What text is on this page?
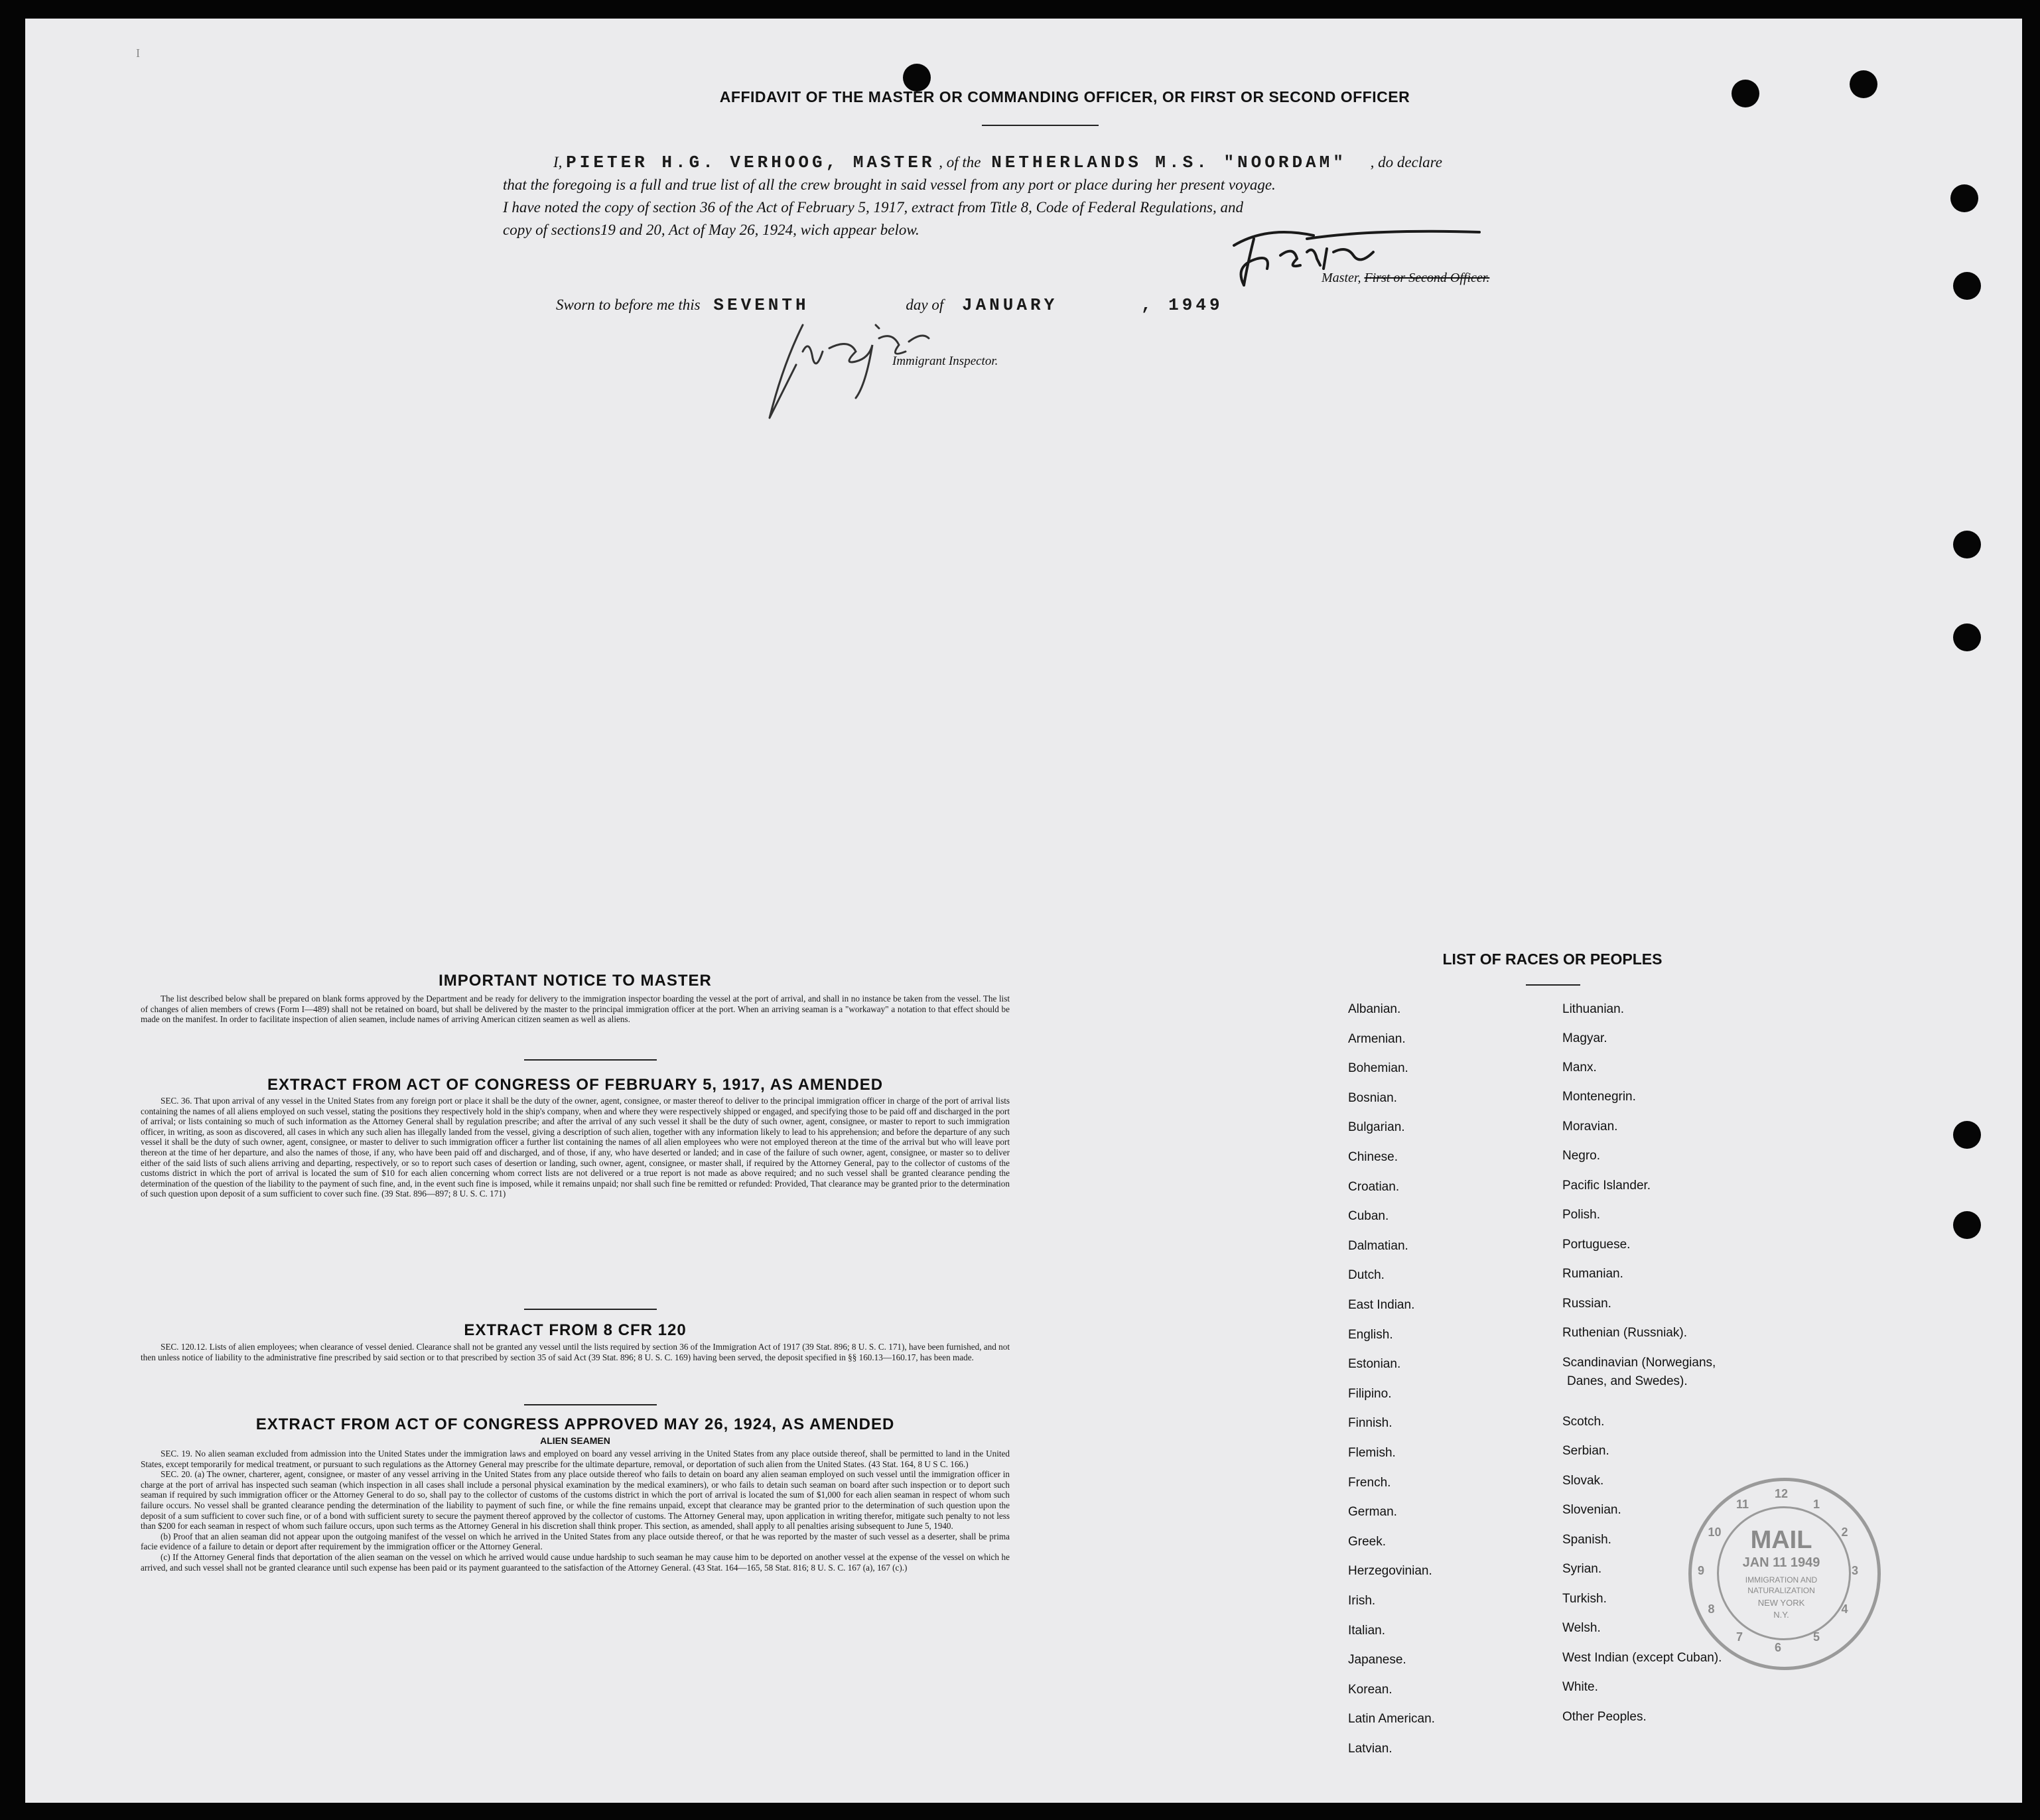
I
AFFIDAVIT OF THE MASTER OR COMMANDING OFFICER, OR FIRST OR SECOND OFFICER
I, PIETER H.G. VERHOOG, MASTER , of the NETHERLANDS M.S. "NOORDAM" , do declare
that the foregoing is a full and true list of all the crew brought in said vessel from any port or place during her present voyage.
I have noted the copy of section 36 of the Act of February 5, 1917, extract from Title 8, Code of Federal Regulations, and
copy of sections19 and 20, Act of May 26, 1924, wich appear below.
Master, First or Second Officer.
Sworn to before me this SEVENTH	day of JANUARY	, 1949
Immigrant Inspector.
IMPORTANT NOTICE TO MASTER

The list described below shall be prepared on blank forms approved by the Department and be ready for delivery to the immigration inspector boarding the vessel at the port of arrival, and shall in no instance be taken from the vessel. The list of changes of alien members of crews (Form I—489) shall not be retained on board, but shall be delivered by the master to the principal immigration officer at the port. When an arriving seaman is a "workaway" a notation to that effect should be made on the manifest. In order to facilitate inspection of alien seamen, include names of arriving American citizen seamen as well as aliens.

EXTRACT FROM ACT OF CONGRESS OF FEBRUARY 5, 1917, AS AMENDED

SEC. 36. That upon arrival of any vessel in the United States from any foreign port or place it shall be the duty of the owner, agent, consignee, or master thereof to deliver to the principal immigration officer in charge of the port of arrival lists containing the names of all aliens employed on such vessel, stating the positions they respectively hold in the ship's company, when and where they were respectively shipped or engaged, and specifying those to be paid off and discharged in the port of arrival; or lists containing so much of such information as the Attorney General shall by regulation prescribe; and after the arrival of any such vessel it shall be the duty of such owner, agent, consignee, or master to report to such immigration officer, in writing, as soon as discovered, all cases in which any such alien has illegally landed from the vessel, giving a description of such alien, together with any information likely to lead to his apprehension; and before the departure of any such vessel it shall be the duty of such owner, agent, consignee, or master to deliver to such immigration officer a further list containing the names of all alien employees who were not employed thereon at the time of the arrival but who will leave port thereon at the time of her departure, and also the names of those, if any, who have been paid off and discharged, and of those, if any, who have deserted or landed; and in case of the failure of such owner, agent, consignee, or master so to deliver either of the said lists of such aliens arriving and departing, respectively, or so to report such cases of desertion or landing, such owner, agent, consignee, or master shall, if required by the Attorney General, pay to the collector of customs of the customs district in which the port of arrival is located the sum of $10 for each alien concerning whom correct lists are not delivered or a true report is not made as above required; and no such vessel shall be granted clearance pending the determination of the question of the liability to the payment of such fine, and, in the event such fine is imposed, while it remains unpaid; nor shall such fine be remitted or refunded: Provided, That clearance may be granted prior to the determination of such question upon deposit of a sum sufficient to cover such fine. (39 Stat. 896—897; 8 U. S. C. 171)

EXTRACT FROM 8 CFR 120

SEC. 120.12. Lists of alien employees; when clearance of vessel denied. Clearance shall not be granted any vessel until the lists required by section 36 of the Immigration Act of 1917 (39 Stat. 896; 8 U. S. C. 171), have been furnished, and not then unless notice of liability to the administrative fine prescribed by said section or to that prescribed by section 35 of said Act (39 Stat. 896; 8 U. S. C. 169) having been served, the deposit specified in §§ 160.13—160.17, has been made.

EXTRACT FROM ACT OF CONGRESS APPROVED MAY 26, 1924, AS AMENDED
ALIEN SEAMEN

SEC. 19. No alien seaman excluded from admission into the United States under the immigration laws and employed on board any vessel arriving in the United States from any place outside thereof, shall be permitted to land in the United States, except temporarily for medical treatment, or pursuant to such regulations as the Attorney General may prescribe for the ultimate departure, removal, or deportation of such alien from the United States. (43 Stat. 164, 8 U S C. 166.)

SEC. 20. (a) The owner, charterer, agent, consignee, or master of any vessel arriving in the United States from any place outside thereof who fails to detain on board any alien seaman employed on such vessel until the immigration officer in charge at the port of arrival has inspected such seaman (which inspection in all cases shall include a personal physical examination by the medical examiners), or who fails to detain such seaman on board after such inspection or to deport such seaman if required by such immigration officer or the Attorney General to do so, shall pay to the collector of customs of the customs district in which the port of arrival is located the sum of $1,000 for each alien seaman in respect of whom such failure occurs. No vessel shall be granted clearance pending the determination of the liability to payment of such fine, or while the fine remains unpaid, except that clearance may be granted prior to the determination of such question upon the deposit of a sum sufficient to cover such fine, or of a bond with sufficient surety to secure the payment thereof approved by the collector of customs. The Attorney General may, upon application in writing therefor, mitigate such penalty to not less than $200 for each seaman in respect of whom such failure occurs, upon such terms as the Attorney General in his discretion shall think proper. This section, as amended, shall apply to all penalties arising subsequent to June 5, 1940.

(b) Proof that an alien seaman did not appear upon the outgoing manifest of the vessel on which he arrived in the United States from any place outside thereof, or that he was reported by the master of such vessel as a deserter, shall be prima facie evidence of a failure to detain or deport after requirement by the immigration officer or the Attorney General.

(c) If the Attorney General finds that deportation of the alien seaman on the vessel on which he arrived would cause undue hardship to such seaman he may cause him to be deported on another vessel at the expense of the vessel on which he arrived, and such vessel shall not be granted clearance until such expense has been paid or its payment guaranteed to the satisfaction of the Attorney General. (43 Stat. 164—165, 58 Stat. 816; 8 U. S. C. 167 (a), 167 (c).)

LIST OF RACES OR PEOPLES
Albanian.
Armenian.
Bohemian.
Bosnian.
Bulgarian.
Chinese.
Croatian.
Cuban.
Dalmatian.
Dutch.
East Indian.
English.
Estonian.
Filipino.
Finnish.
Flemish.
French.
German.
Greek.
Herzegovinian.
Irish.
Italian.
Japanese.
Korean.
Latin American.
Latvian.
Lithuanian.
Magyar.
Manx.
Montenegrin.
Moravian.
Negro.
Pacific Islander.
Polish.
Portuguese.
Rumanian.
Russian.
Ruthenian (Russniak).
Scandinavian (Norwegians,
Danes, and Swedes).
Scotch.
Serbian.
Slovak.
Slovenian.
Spanish.
Syrian.
Turkish.
Welsh.
West Indian (except Cuban).
White.
Other Peoples.
MAIL
JAN 11 1949
IMMIGRATION AND
NATURALIZATION
NEW YORK
N.Y.
12
1
2
3
4
5
6
7
8
9
10
11
